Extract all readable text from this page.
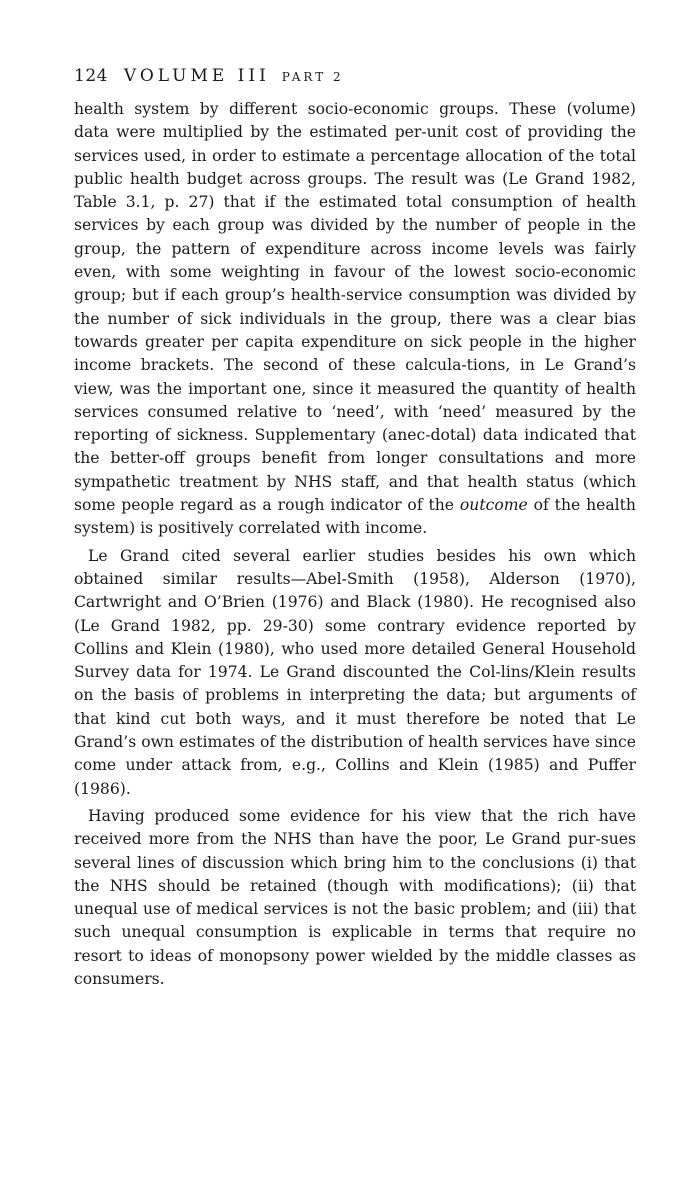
124 VOLUME III PART 2

health system by different socio-economic groups. These (volume) data were multiplied by the estimated per-unit cost of providing the services used, in order to estimate a percentage allocation of the total public health budget across groups. The result was (Le Grand 1982, Table 3.1, p. 27) that if the estimated total consumption of health services by each group was divided by the number of people in the group, the pattern of expenditure across income levels was fairly even, with some weighting in favour of the lowest socio-economic group; but if each group’s health-service consumption was divided by the number of sick individuals in the group, there was a clear bias towards greater per capita expenditure on sick people in the higher income brackets. The second of these calcula-tions, in Le Grand’s view, was the important one, since it measured the quantity of health services consumed relative to ‘need’, with ‘need’ measured by the reporting of sickness. Supplementary (anec-dotal) data indicated that the better-off groups benefit from longer consultations and more sympathetic treatment by NHS staff, and that health status (which some people regard as a rough indicator of the outcome of the health system) is positively correlated with income.

Le Grand cited several earlier studies besides his own which obtained similar results—Abel-Smith (1958), Alderson (1970), Cartwright and O’Brien (1976) and Black (1980). He recognised also (Le Grand 1982, pp. 29-30) some contrary evidence reported by Collins and Klein (1980), who used more detailed General Household Survey data for 1974. Le Grand discounted the Col-lins/Klein results on the basis of problems in interpreting the data; but arguments of that kind cut both ways, and it must therefore be noted that Le Grand’s own estimates of the distribution of health services have since come under attack from, e.g., Collins and Klein (1985) and Puffer (1986).

Having produced some evidence for his view that the rich have received more from the NHS than have the poor, Le Grand pur-sues several lines of discussion which bring him to the conclusions (i) that the NHS should be retained (though with modifications); (ii) that unequal use of medical services is not the basic problem; and (iii) that such unequal consumption is explicable in terms that require no resort to ideas of monopsony power wielded by the middle classes as consumers.
